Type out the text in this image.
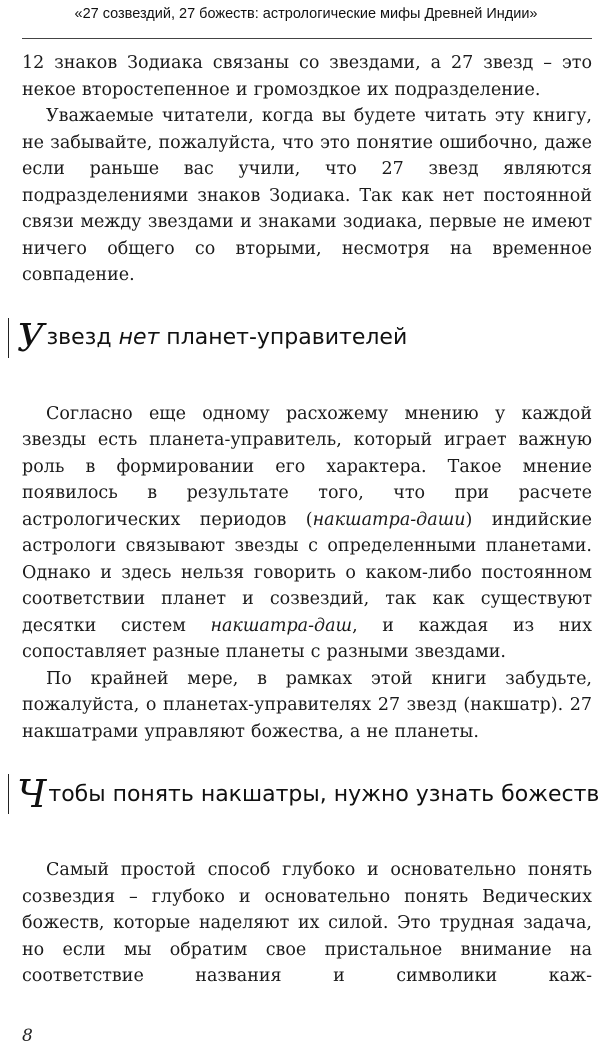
«27 созвездий, 27 божеств: астрологические мифы Древней Индии»

12 знаков Зодиака связаны со звездами, а 27 звезд – это некое второстепенное и громоздкое их подразделение.

Уважаемые читатели, когда вы будете читать эту книгу, не забывайте, пожалуйста, что это понятие ошибочно, даже если раньше вас учили, что 27 звезд являются подразделениями знаков Зодиака. Так как нет постоянной связи между звездами и знаками зодиака, первые не имеют ничего общего со вторыми, несмотря на временное совпадение.

У звезд нет планет-управителей

Согласно еще одному расхожему мнению у каждой звезды есть планета-управитель, который играет важную роль в формировании его характера. Такое мнение появилось в результате того, что при расчете астрологических периодов (накшатра-даши) индийские астрологи связывают звезды с определенными планетами. Однако и здесь нельзя говорить о каком-либо постоянном соответствии планет и созвездий, так как существуют десятки систем накшатра-даш, и каждая из них сопоставляет разные планеты с разными звездами.

По крайней мере, в рамках этой книги забудьте, пожалуйста, о планетах-управителях 27 звезд (накшатр). 27 накшатрами управляют божества, а не планеты.

Ч тобы понять накшатры, нужно узнать божеств

Самый простой способ глубоко и основательно понять созвездия – глубоко и основательно понять Ведических божеств, которые наделяют их силой. Это трудная задача, но если мы обратим свое пристальное внимание на соответствие названия и символики каж-

8
